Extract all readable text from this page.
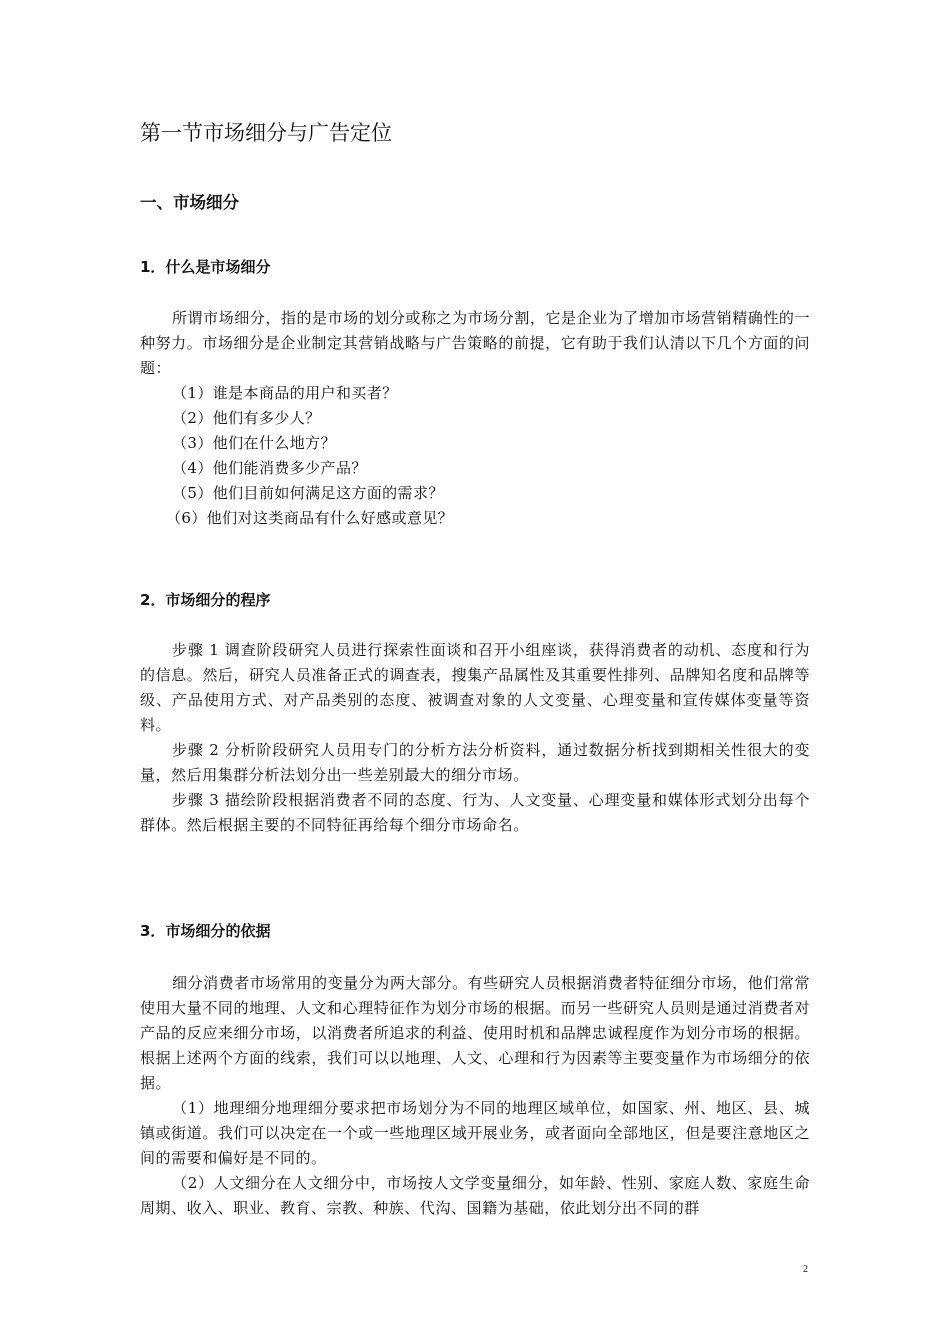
第一节市场细分与广告定位
一、市场细分
1．什么是市场细分

所谓市场细分，指的是市场的划分或称之为市场分割，它是企业为了增加市场营销精确性的一种努力。市场细分是企业制定其营销战略与广告策略的前提，它有助于我们认清以下几个方面的问题：

（1）谁是本商品的用户和买者？
（2）他们有多少人？
（3）他们在什么地方？
（4）他们能消费多少产品？
（5）他们目前如何满足这方面的需求？
（6）他们对这类商品有什么好感或意见？
2．市场细分的程序

步骤 1 调查阶段研究人员进行探索性面谈和召开小组座谈，获得消费者的动机、态度和行为的信息。然后，研究人员准备正式的调查表，搜集产品属性及其重要性排列、品牌知名度和品牌等级、产品使用方式、对产品类别的态度、被调查对象的人文变量、心理变量和宣传媒体变量等资料。

步骤 2 分析阶段研究人员用专门的分析方法分析资料，通过数据分析找到期相关性很大的变量，然后用集群分析法划分出一些差别最大的细分市场。

步骤 3 描绘阶段根据消费者不同的态度、行为、人文变量、心理变量和媒体形式划分出每个群体。然后根据主要的不同特征再给每个细分市场命名。

3．市场细分的依据

细分消费者市场常用的变量分为两大部分。有些研究人员根据消费者特征细分市场，他们常常使用大量不同的地理、人文和心理特征作为划分市场的根据。而另一些研究人员则是通过消费者对产品的反应来细分市场，以消费者所追求的利益、使用时机和品牌忠诚程度作为划分市场的根据。根据上述两个方面的线索，我们可以以地理、人文、心理和行为因素等主要变量作为市场细分的依据。

（1）地理细分地理细分要求把市场划分为不同的地理区域单位，如国家、州、地区、县、城镇或街道。我们可以决定在一个或一些地理区域开展业务，或者面向全部地区，但是要注意地区之间的需要和偏好是不同的。

（2）人文细分在人文细分中，市场按人文学变量细分，如年龄、性别、家庭人数、家庭生命周期、收入、职业、教育、宗教、种族、代沟、国籍为基础，依此划分出不同的群

2
